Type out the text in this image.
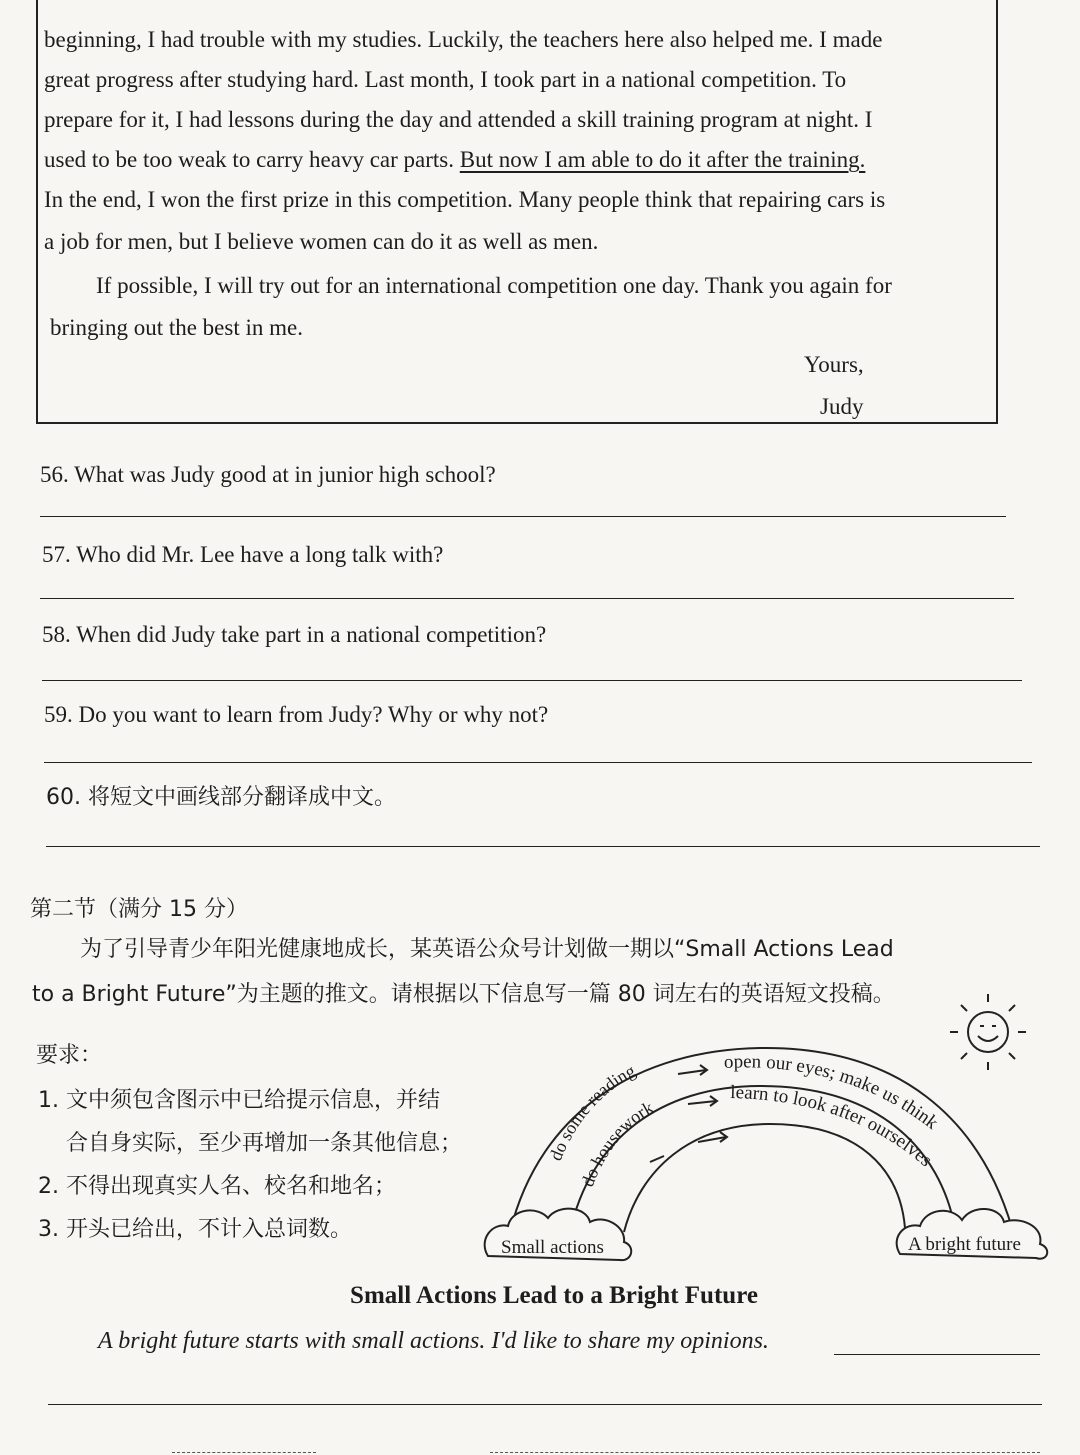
beginning, I had trouble with my studies. Luckily, the teachers here also helped me. I made
great progress after studying hard. Last month, I took part in a national competition. To
prepare for it, I had lessons during the day and attended a skill training program at night. I
used to be too weak to carry heavy car parts. But now I am able to do it after the training.
In the end, I won the first prize in this competition. Many people think that repairing cars is
a job for men, but I believe women can do it as well as men.
If possible, I will try out for an international competition one day. Thank you again for
bringing out the best in me.
Yours,
Judy
56. What was Judy good at in junior high school?
57. Who did Mr. Lee have a long talk with?
58. When did Judy take part in a national competition?
59. Do you want to learn from Judy? Why or why not?
60. 将短文中画线部分翻译成中文。
第二节（满分 15 分）
为了引导青少年阳光健康地成长，某英语公众号计划做一期以“Small Actions Lead
to a Bright Future”为主题的推文。请根据以下信息写一篇 80 词左右的英语短文投稿。
要求：
1. 文中须包含图示中已给提示信息，并结
合自身实际，至少再增加一条其他信息；
2. 不得出现真实人名、校名和地名；
3. 开头已给出，不计入总词数。
Small actions	A bright future
do some reading
do housework
open our eyes; make us think
learn to look after ourselves
Small Actions Lead to a Bright Future
A bright future starts with small actions. I'd like to share my opinions.
